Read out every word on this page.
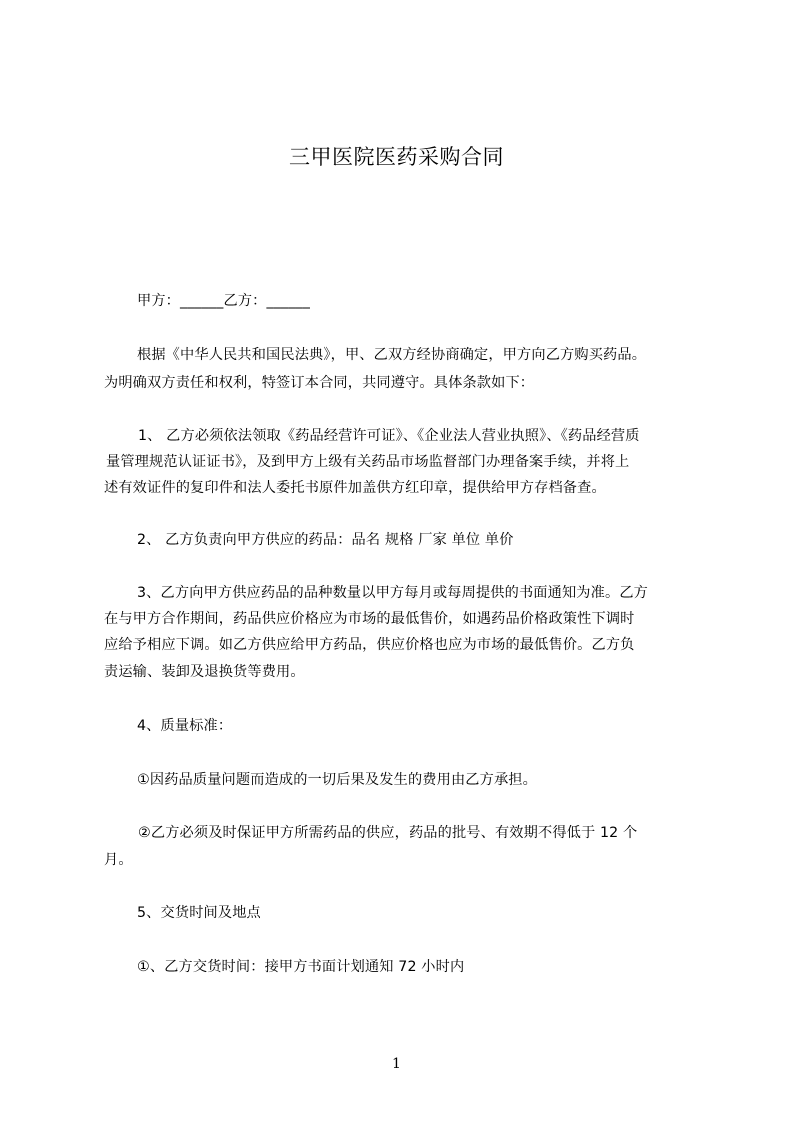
三甲医院医药采购合同
甲方：______乙方：______
根据《中华人民共和国民法典》，甲、乙双方经协商确定，甲方向乙方购买药品。
为明确双方责任和权利，特签订本合同，共同遵守。具体条款如下：
1、 乙方必须依法领取《药品经营许可证》、《企业法人营业执照》、《药品经营质
量管理规范认证证书》，及到甲方上级有关药品市场监督部门办理备案手续，并将上
述有效证件的复印件和法人委托书原件加盖供方红印章，提供给甲方存档备查。
2、 乙方负责向甲方供应的药品：品名 规格 厂家 单位 单价
3、乙方向甲方供应药品的品种数量以甲方每月或每周提供的书面通知为准。乙方
在与甲方合作期间，药品供应价格应为市场的最低售价，如遇药品价格政策性下调时
应给予相应下调。如乙方供应给甲方药品，供应价格也应为市场的最低售价。乙方负
责运输、装卸及退换货等费用。
4、质量标准：
①因药品质量问题而造成的一切后果及发生的费用由乙方承担。
②乙方必须及时保证甲方所需药品的供应，药品的批号、有效期不得低于 12 个
月。
5、交货时间及地点
①、乙方交货时间：接甲方书面计划通知 72 小时内
1
